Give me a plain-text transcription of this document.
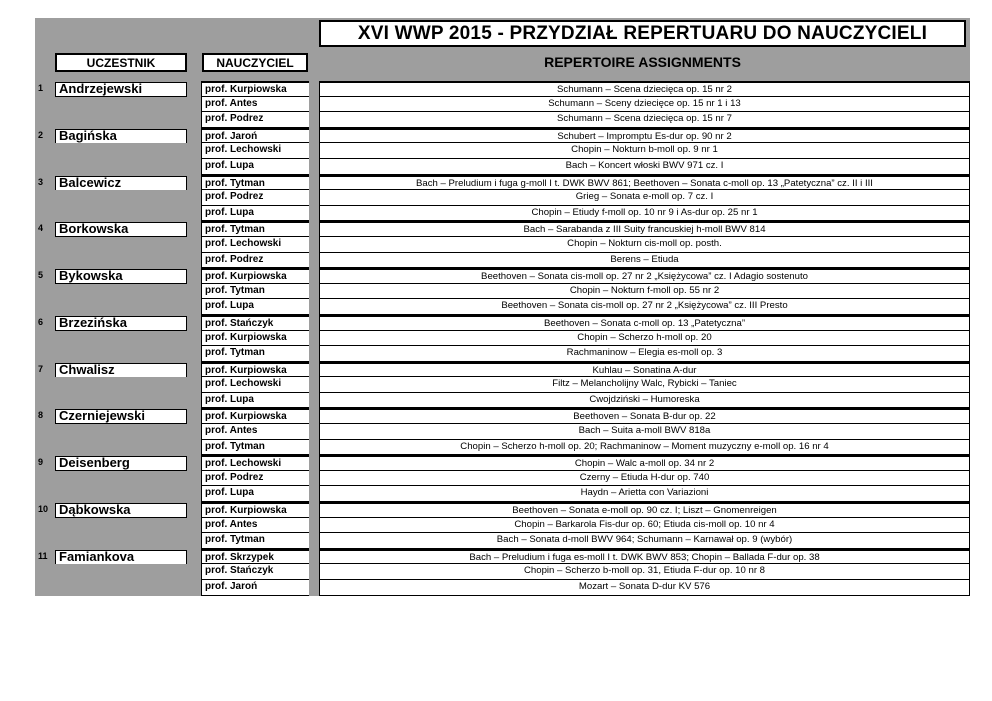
XVI WWP 2015 - PRZYDZIAŁ REPERTUARU DO NAUCZYCIELI
REPERTOIRE ASSIGNMENTS
UCZESTNIK	NAUCZYCIEL
1	Andrzejewski	prof. Kurpiowska	Schumann – Scena dziecięca op. 15 nr 2
prof. Antes	Schumann – Sceny dziecięce op. 15 nr 1 i 13
prof. Podrez	Schumann – Scena dziecięca op. 15 nr 7
2	Bagińska	prof. Jaroń	Schubert – Impromptu Es-dur op. 90 nr 2
prof. Lechowski	Chopin – Nokturn b-moll op. 9 nr 1
prof. Lupa	Bach – Koncert włoski BWV 971 cz. I
3	Balcewicz	prof. Tytman	Bach – Preludium i fuga g-moll I t. DWK BWV 861; Beethoven – Sonata c-moll op. 13 „Patetyczna” cz. II i III
prof. Podrez	Grieg – Sonata e-moll op. 7 cz. I
prof. Lupa	Chopin – Etiudy f-moll op. 10 nr 9 i As-dur op. 25 nr 1
4	Borkowska	prof. Tytman	Bach – Sarabanda z III Suity francuskiej h-moll BWV 814
prof. Lechowski	Chopin – Nokturn cis-moll op. posth.
prof. Podrez	Berens – Etiuda
5	Bykowska	prof. Kurpiowska	Beethoven – Sonata cis-moll op. 27 nr 2 „Księżycowa” cz. I Adagio sostenuto
prof. Tytman	Chopin – Nokturn f-moll op. 55 nr 2
prof. Lupa	Beethoven – Sonata cis-moll op. 27 nr 2 „Księżycowa” cz. III Presto
6	Brzezińska	prof. Stańczyk	Beethoven – Sonata c-moll op. 13 „Patetyczna”
prof. Kurpiowska	Chopin – Scherzo h-moll op. 20
prof. Tytman	Rachmaninow – Elegia es-moll op. 3
7	Chwalisz	prof. Kurpiowska	Kuhlau – Sonatina A-dur
prof. Lechowski	Filtz – Melancholijny Walc, Rybicki – Taniec
prof. Lupa	Cwojdziński – Humoreska
8	Czerniejewski	prof. Kurpiowska	Beethoven – Sonata B-dur op. 22
prof. Antes	Bach – Suita a-moll BWV 818a
prof. Tytman	Chopin – Scherzo h-moll op. 20; Rachmaninow – Moment muzyczny e-moll op. 16 nr 4
9	Deisenberg	prof. Lechowski	Chopin – Walc a-moll op. 34 nr 2
prof. Podrez	Czerny – Etiuda H-dur op. 740
prof. Lupa	Haydn – Arietta con Variazioni
10 Dąbkowska	prof. Kurpiowska	Beethoven – Sonata e-moll op. 90 cz. I; Liszt – Gnomenreigen
prof. Antes	Chopin – Barkarola Fis-dur op. 60; Etiuda cis-moll op. 10 nr 4
prof. Tytman	Bach – Sonata d-moll BWV 964; Schumann – Karnawał op. 9 (wybór)
11 Famiankova	prof. Skrzypek	Bach – Preludium i fuga es-moll I t. DWK BWV 853; Chopin – Ballada F-dur op. 38
prof. Stańczyk	Chopin – Scherzo b-moll op. 31, Etiuda F-dur op. 10 nr 8
prof. Jaroń	Mozart – Sonata D-dur KV 576
